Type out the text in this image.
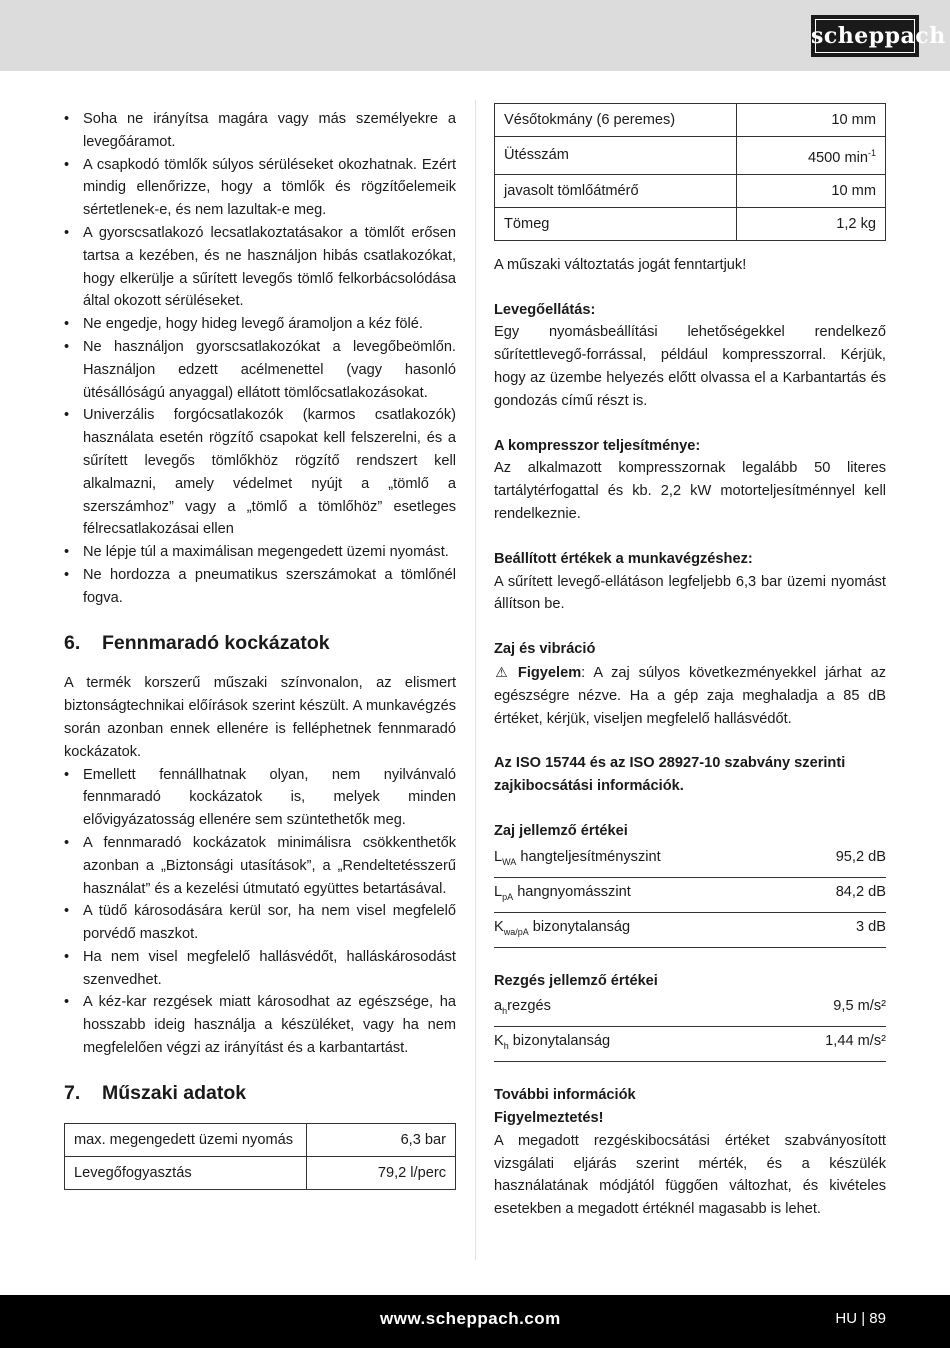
scheppach
• Soha ne irányítsa magára vagy más személyekre a levegőáramot.
• A csapkodó tömlők súlyos sérüléseket okozhatnak. Ezért mindig ellenőrizze, hogy a tömlők és rögzítőelemeik sértetlenek-e, és nem lazultak-e meg.
• A gyorscsatlakozó lecsatlakoztatásakor a tömlőt erősen tartsa a kezében, és ne használjon hibás csatlakozókat, hogy elkerülje a sűrített levegős tömlő felkorbácsolódása által okozott sérüléseket.
• Ne engedje, hogy hideg levegő áramoljon a kéz fölé.
• Ne használjon gyorscsatlakozókat a levegőbeömlőn. Használjon edzett acélmenettel (vagy hasonló ütésállóságú anyaggal) ellátott tömlőcsatlakozásokat.
• Univerzális forgócsatlakozók (karmos csatlakozók) használata esetén rögzítő csapokat kell felszerelni, és a sűrített levegős tömlőkhöz rögzítő rendszert kell alkalmazni, amely védelmet nyújt a „tömlő a szerszámhoz” vagy a „tömlő a tömlőhöz” esetleges félrecsatlakozásai ellen
• Ne lépje túl a maximálisan megengedett üzemi nyomást.
• Ne hordozza a pneumatikus szerszámokat a tömlőnél fogva.
6.	Fennmaradó kockázatok

A termék korszerű műszaki színvonalon, az elismert biztonságtechnikai előírások szerint készült. A munkavégzés során azonban ennek ellenére is felléphetnek fennmaradó kockázatok.

• Emellett fennállhatnak olyan, nem nyilvánvaló fennmaradó kockázatok is, melyek minden elővigyázatosság ellenére sem szüntethetők meg.
• A fennmaradó kockázatok minimálisra csökkenthetők azonban a „Biztonsági utasítások”, a „Rendeltetésszerű használat” és a kezelési útmutató együttes betartásával.
• A tüdő károsodására kerül sor, ha nem visel megfelelő porvédő maszkot.
• Ha nem visel megfelelő hallásvédőt, halláskárosodást szenvedhet.
• A kéz-kar rezgések miatt károsodhat az egészsége, ha hosszabb ideig használja a készüléket, vagy ha nem megfelelően végzi az irányítást és a karbantartást.
7.	Műszaki adatok
max. megengedett üzemi nyomás	6,3 bar
Levegőfogyasztás	79,2 l/perc
Vésőtokmány (6 peremes)	10 mm
Ütésszám	4500 $\min^{-1}$
javasolt tömlőátmérő	10 mm
Tömeg	1,2 kg

A műszaki változtatás jogát fenntartjuk!

Levegőellátás:

Egy nyomásbeállítási lehetőségekkel rendelkező sűrítettlevegő-forrással, például kompresszorral. Kérjük, hogy az üzembe helyezés előtt olvassa el a Karbantartás és gondozás című részt is.

A kompresszor teljesítménye:

Az alkalmazott kompresszornak legalább 50 literes tartálytérfogattal és kb. 2,2 kW motorteljesítménnyel kell rendelkeznie.

Beállított értékek a munkavégzéshez:

A sűrített levegő-ellátáson legfeljebb 6,3 bar üzemi nyomást állítson be.

Zaj és vibráció

⚠ Figyelem: A zaj súlyos következményekkel járhat az egészségre nézve. Ha a gép zaja meghaladja a 85 dB értéket, kérjük, viseljen megfelelő hallásvédőt.

Az ISO 15744 és az ISO 28927-10 szabvány szerinti zajkibocsátási információk.

Zaj jellemző értékei

$L_{WA}$ hangteljesítményszint	95,2 dB
$L_{pA}$ hangnyomásszint	84,2 dB
$K_{wa/pA}$ bizonytalanság	3 dB

Rezgés jellemző értékei

$a_hrezgés$	9,5 m/s²
$K_h$ bizonytalanság	1,44 m/s²

További információk

Figyelmeztetés!

A megadott rezgéskibocsátási értéket szabványosított vizsgálati eljárás szerint mérték, és a készülék használatának módjától függően változhat, és kivételes esetekben a megadott értéknél magasabb is lehet.

www.scheppach.com	HU | 89
